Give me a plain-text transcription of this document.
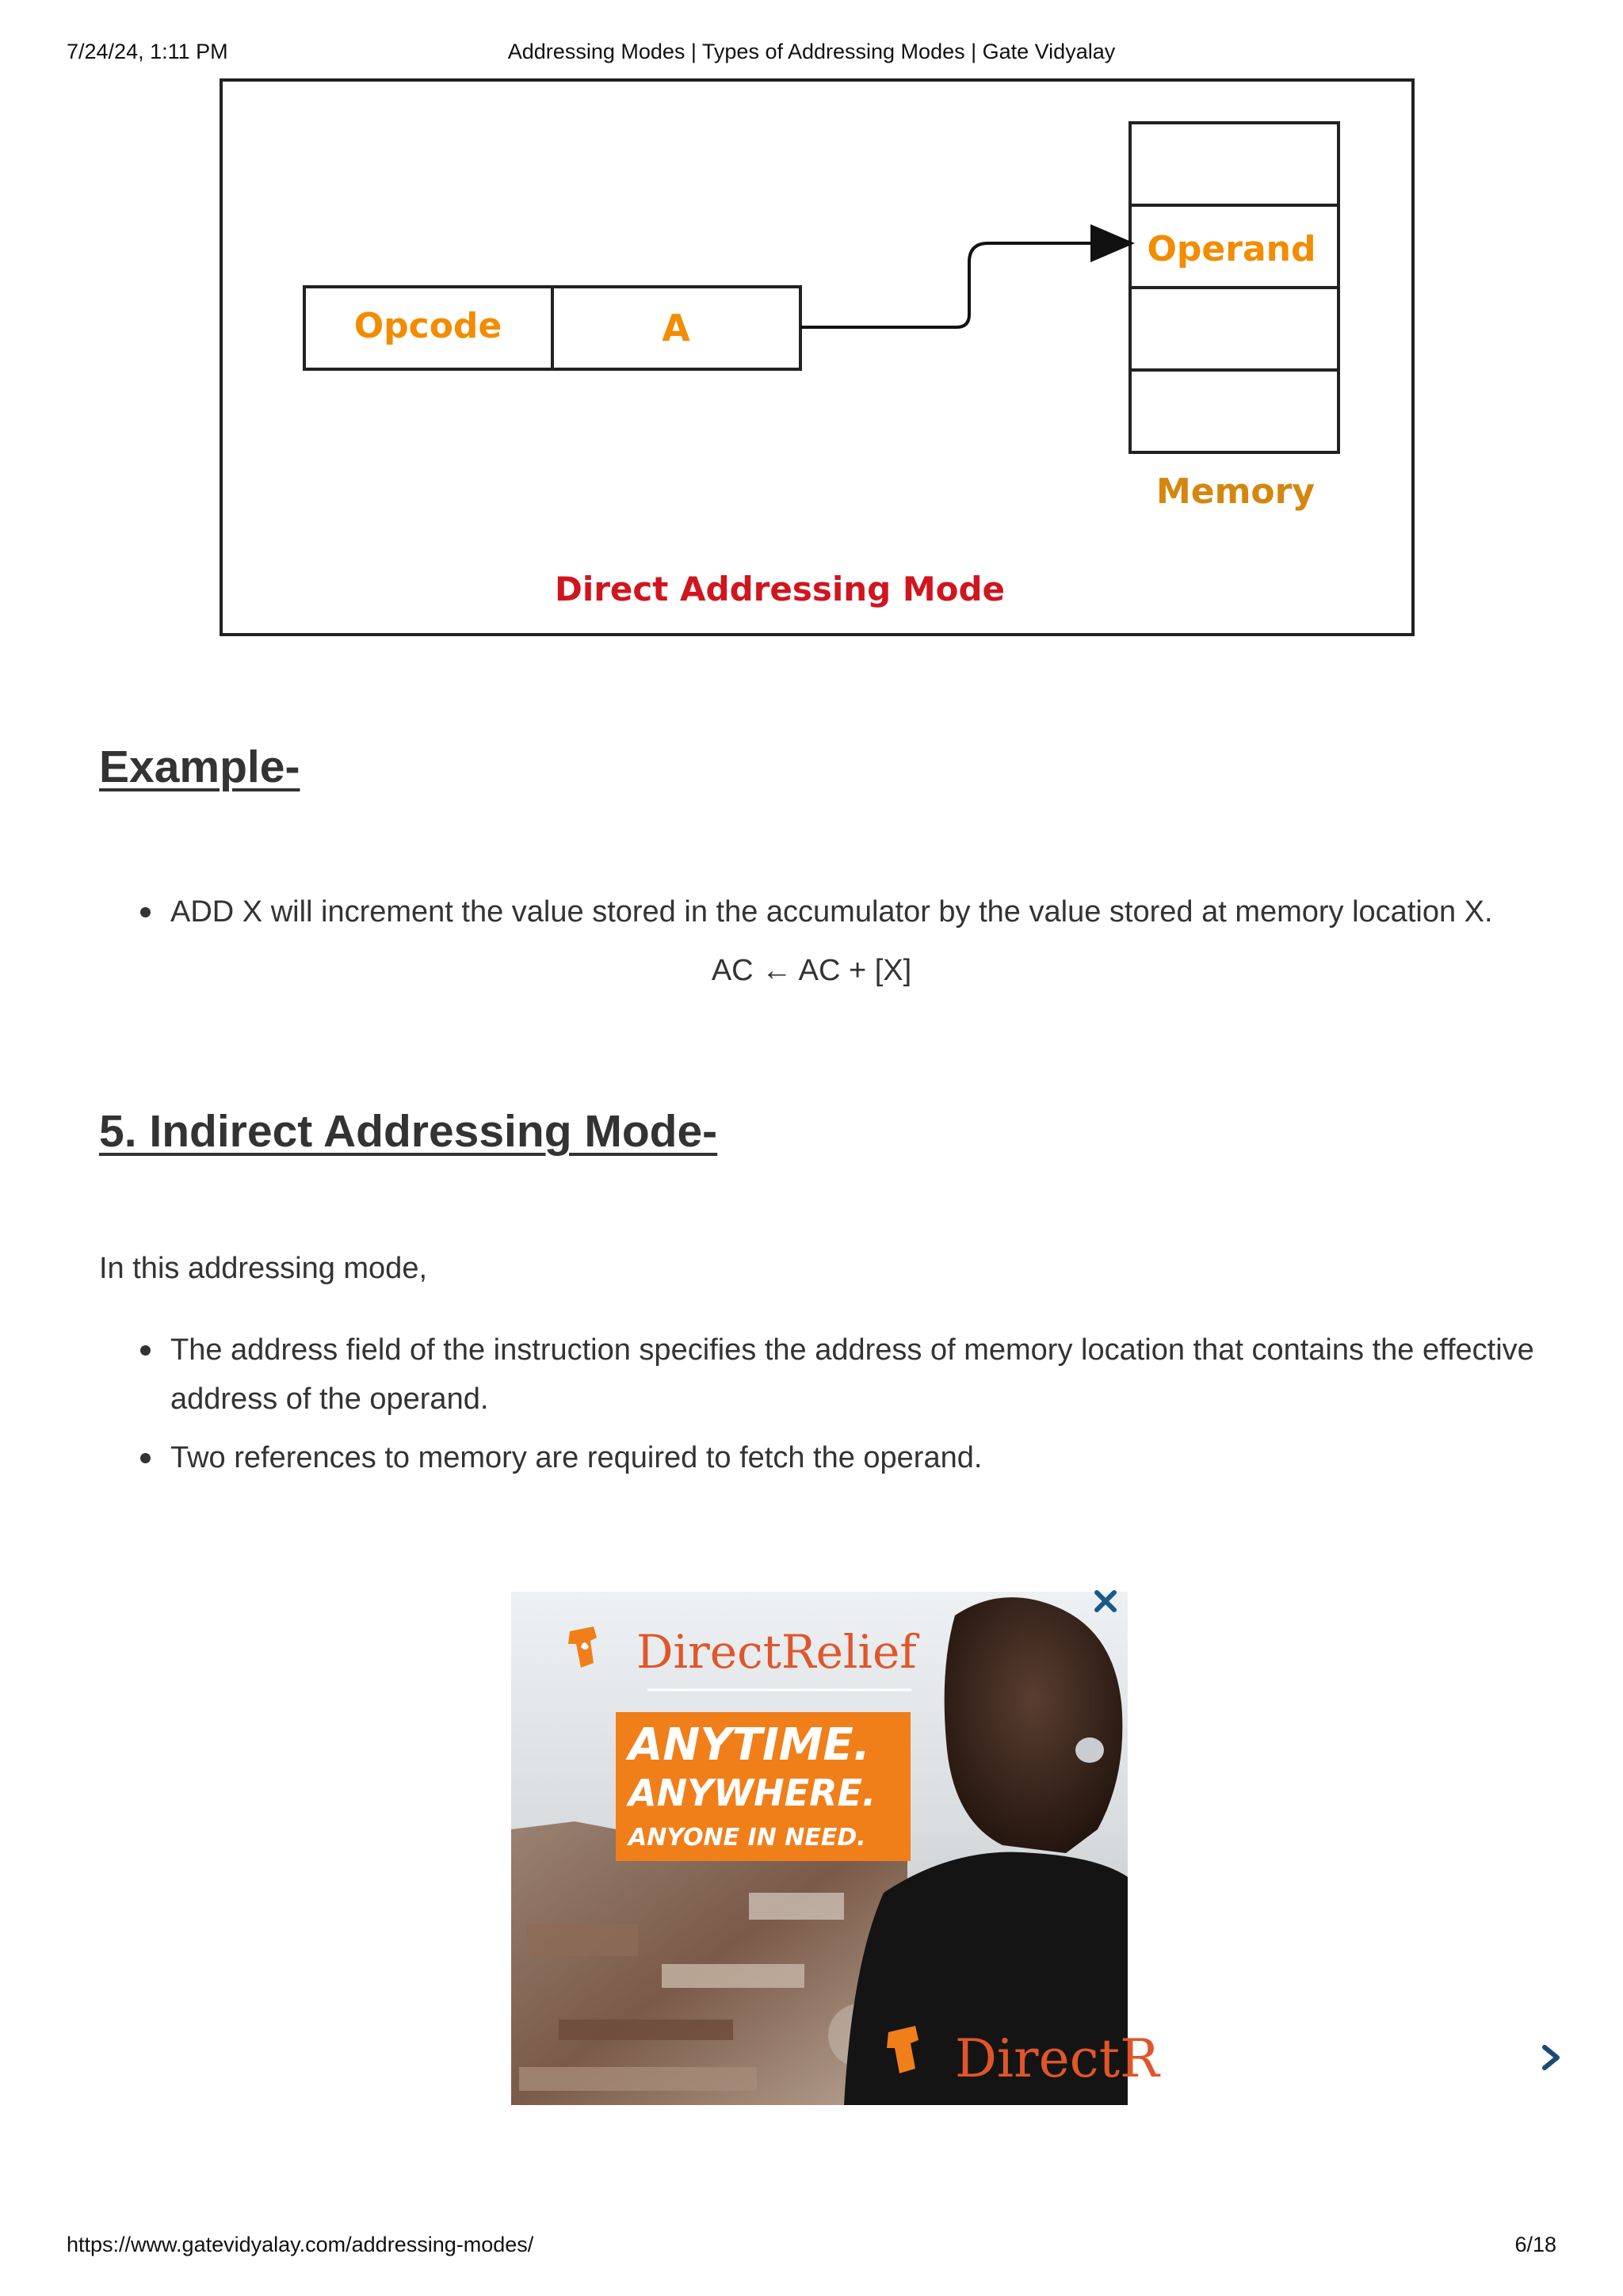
7/24/24, 1:11 PM	Addressing Modes | Types of Addressing Modes | Gate Vidyalay
Opcode	A
Operand
Memory
Direct Addressing Mode
Example-
ADD X will increment the value stored in the accumulator by the value stored at memory location X.
AC ← AC + [X]
5. Indirect Addressing Mode-
In this addressing mode,
The address field of the instruction specifies the address of memory location that contains the effective address of the operand.
Two references to memory are required to fetch the operand.
DirectRelief
ANYTIME.
ANYWHERE.
ANYONE IN NEED.
DirectR
https://www.gatevidyalay.com/addressing-modes/	6/18
